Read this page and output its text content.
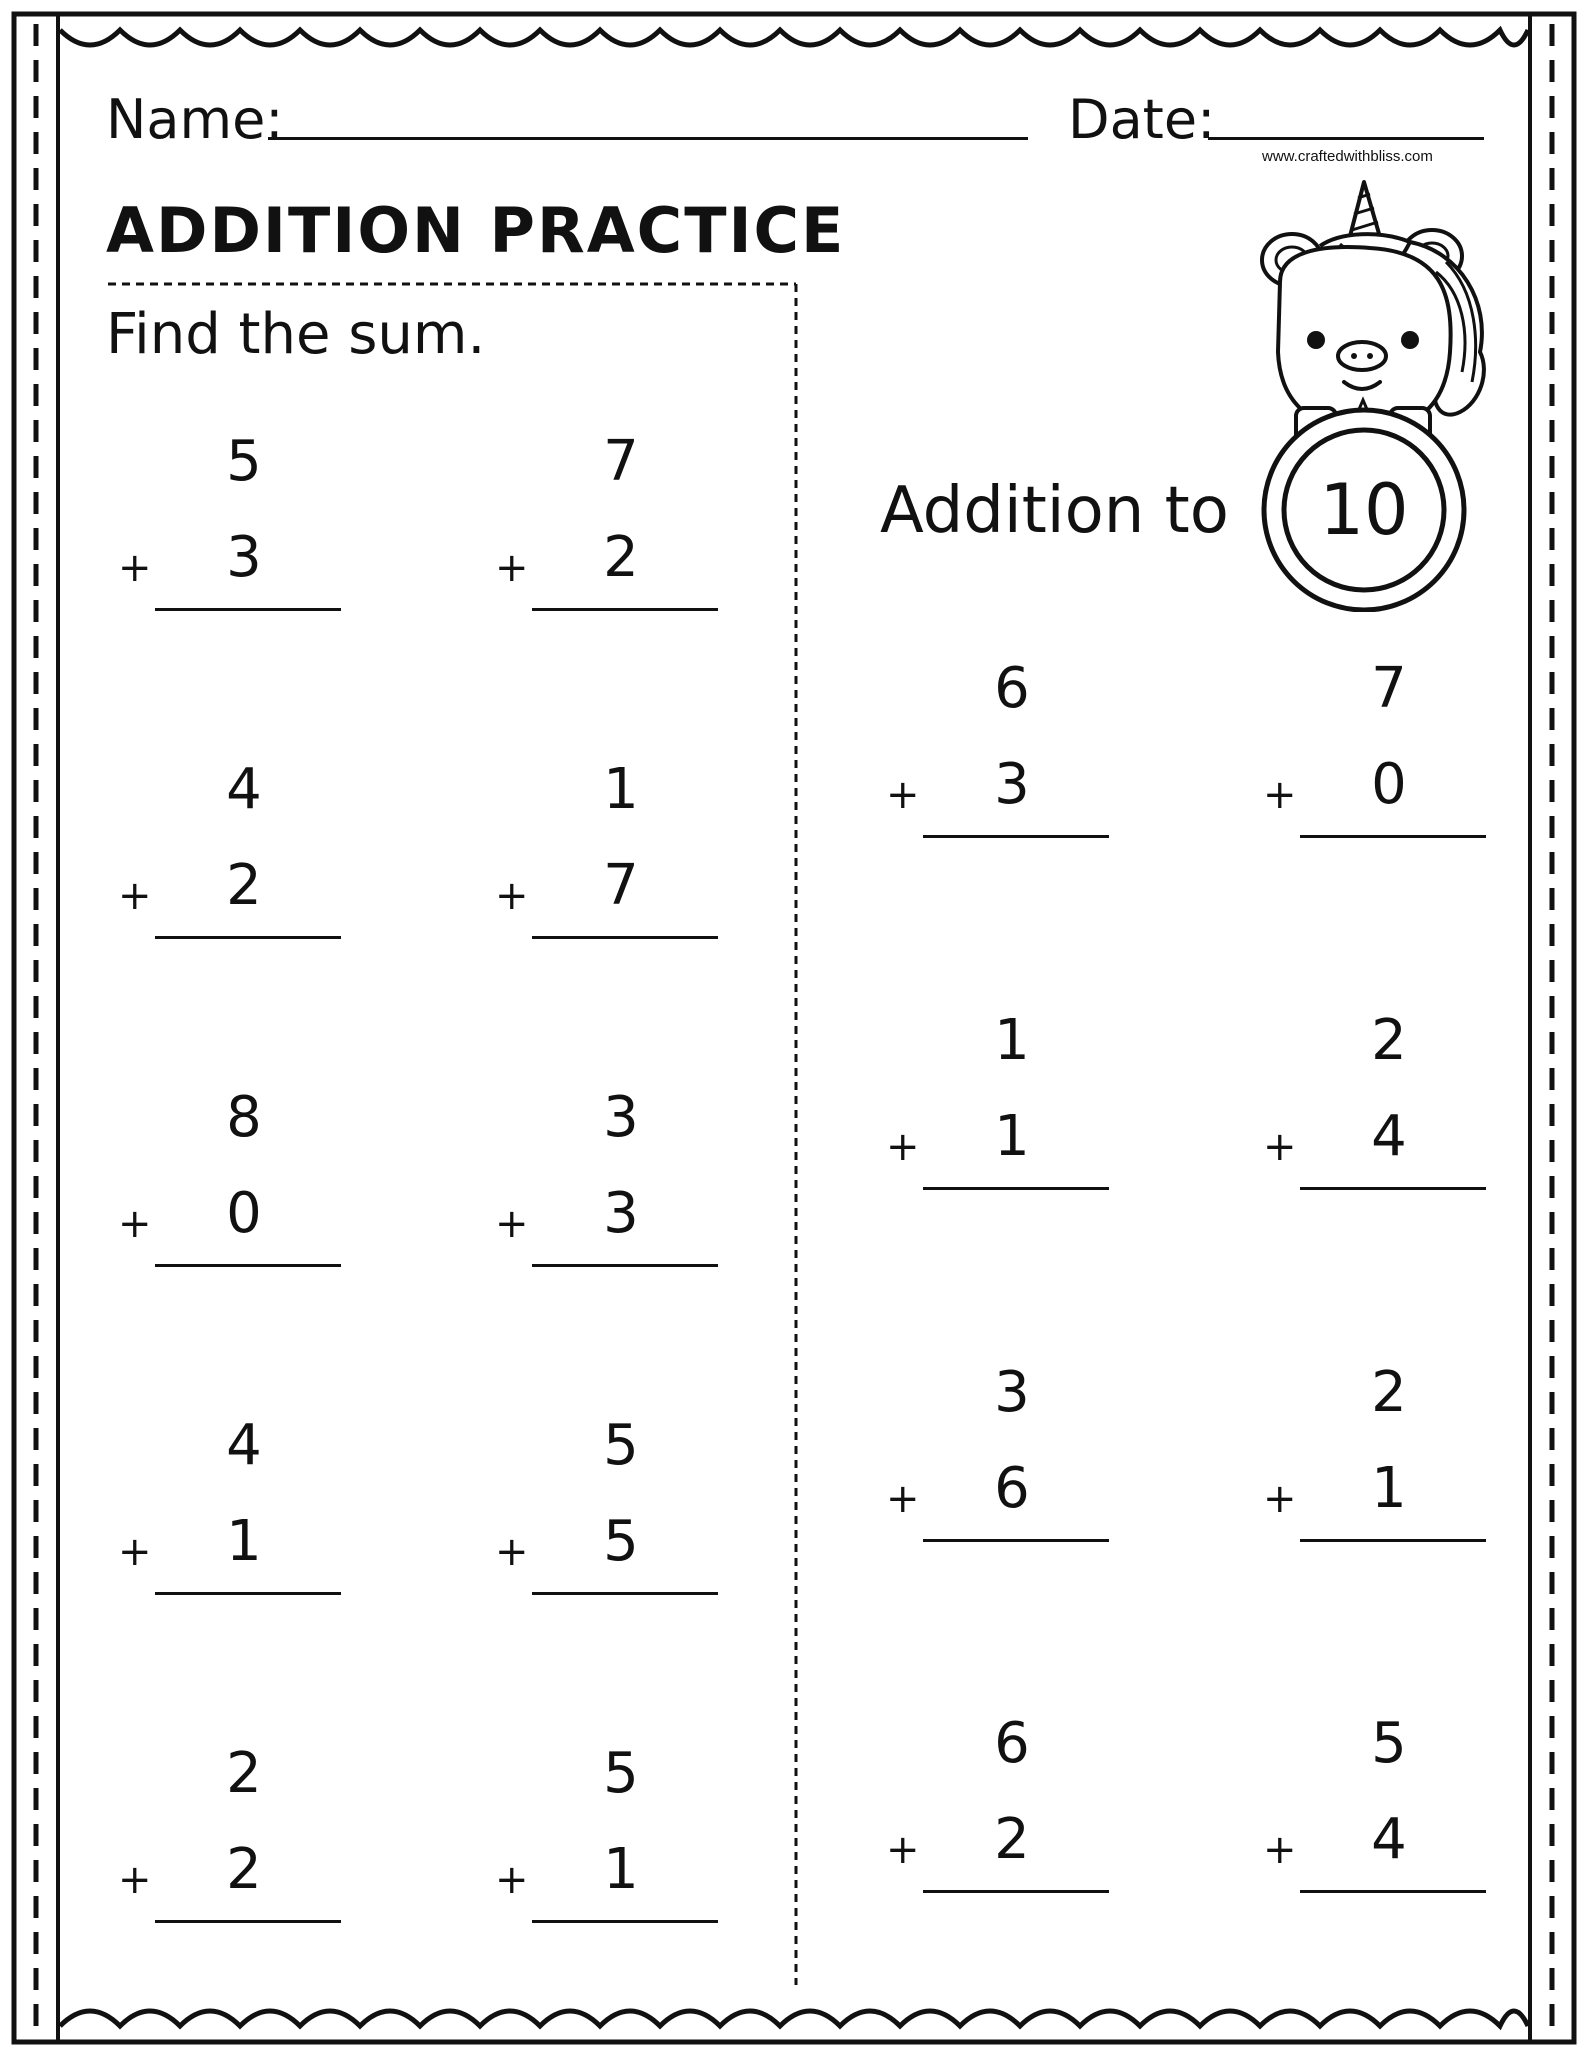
Name:	Date:
www.craftedwithbliss.com
ADDITION PRACTICE
Find the sum.
Addition to 10
5
+	3
7
+	2
4
+	2
1
+	7
8
+	0
3
+	3
4
+	1
5
+	5
2
+	2
5
+	1
6
+	3
7
+	0
1
+	1
2
+	4
3
+	6
2
+	1
6
+	2
5
+	4
